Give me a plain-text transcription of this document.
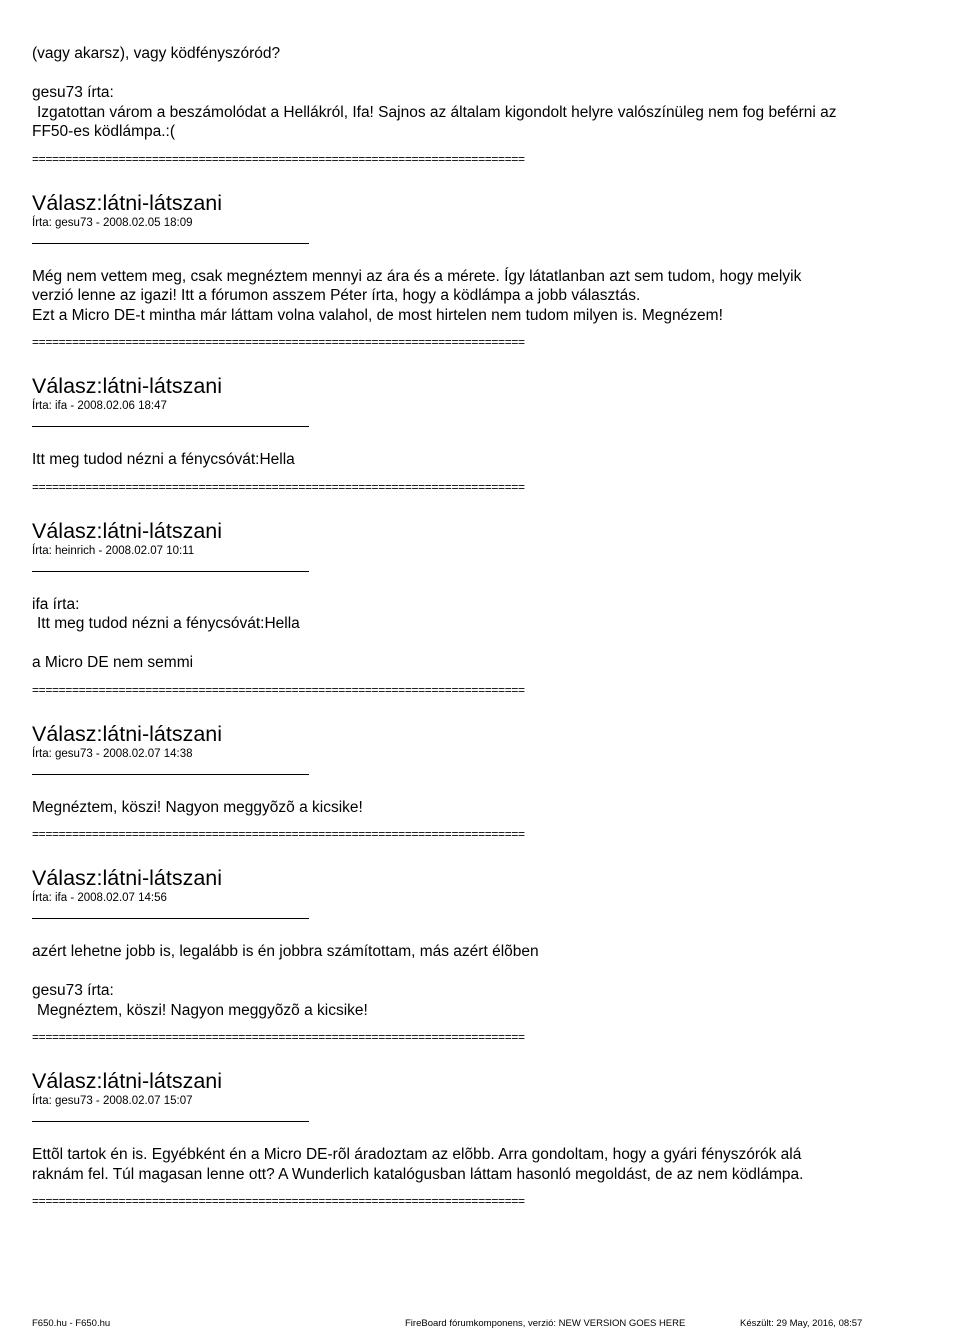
(vagy akarsz), vagy ködfényszóród?

gesu73 írta:

Izgatottan várom a beszámolódat a Hellákról, Ifa! Sajnos az általam kigondolt helyre valószínüleg nem fog beférni az

FF50-es ködlámpa.:(

==========================================================================
Válasz:látni-látszani
Írta: gesu73 - 2008.02.05 18:09

Még nem vettem meg, csak megnéztem mennyi az ára és a mérete. Így látatlanban azt sem tudom, hogy melyik

verzió lenne az igazi! Itt a fórumon asszem Péter írta, hogy a ködlámpa a jobb választás.

Ezt a Micro DE-t mintha már láttam volna valahol, de most hirtelen nem tudom milyen is. Megnézem!

==========================================================================
Válasz:látni-látszani
Írta: ifa - 2008.02.06 18:47

Itt meg tudod nézni a fénycsóvát:Hella

==========================================================================
Válasz:látni-látszani
Írta: heinrich - 2008.02.07 10:11

ifa írta:

Itt meg tudod nézni a fénycsóvát:Hella

a Micro DE nem semmi

==========================================================================
Válasz:látni-látszani
Írta: gesu73 - 2008.02.07 14:38

Megnéztem, köszi! Nagyon meggyõzõ a kicsike!

==========================================================================
Válasz:látni-látszani
Írta: ifa - 2008.02.07 14:56

azért lehetne jobb is, legalább is én jobbra számítottam, más azért élõben

gesu73 írta:

Megnéztem, köszi! Nagyon meggyõzõ a kicsike!

==========================================================================
Válasz:látni-látszani
Írta: gesu73 - 2008.02.07 15:07

Ettõl tartok én is. Egyébként én a Micro DE-rõl áradoztam az elõbb. Arra gondoltam, hogy a gyári fényszórók alá

raknám fel. Túl magasan lenne ott? A Wunderlich katalógusban láttam hasonló megoldást, de az nem ködlámpa.

==========================================================================
F650.hu - F650.hu	FireBoard fórumkomponens, verzió: NEW VERSION GOES HERE	Készült: 29 May, 2016, 08:57
